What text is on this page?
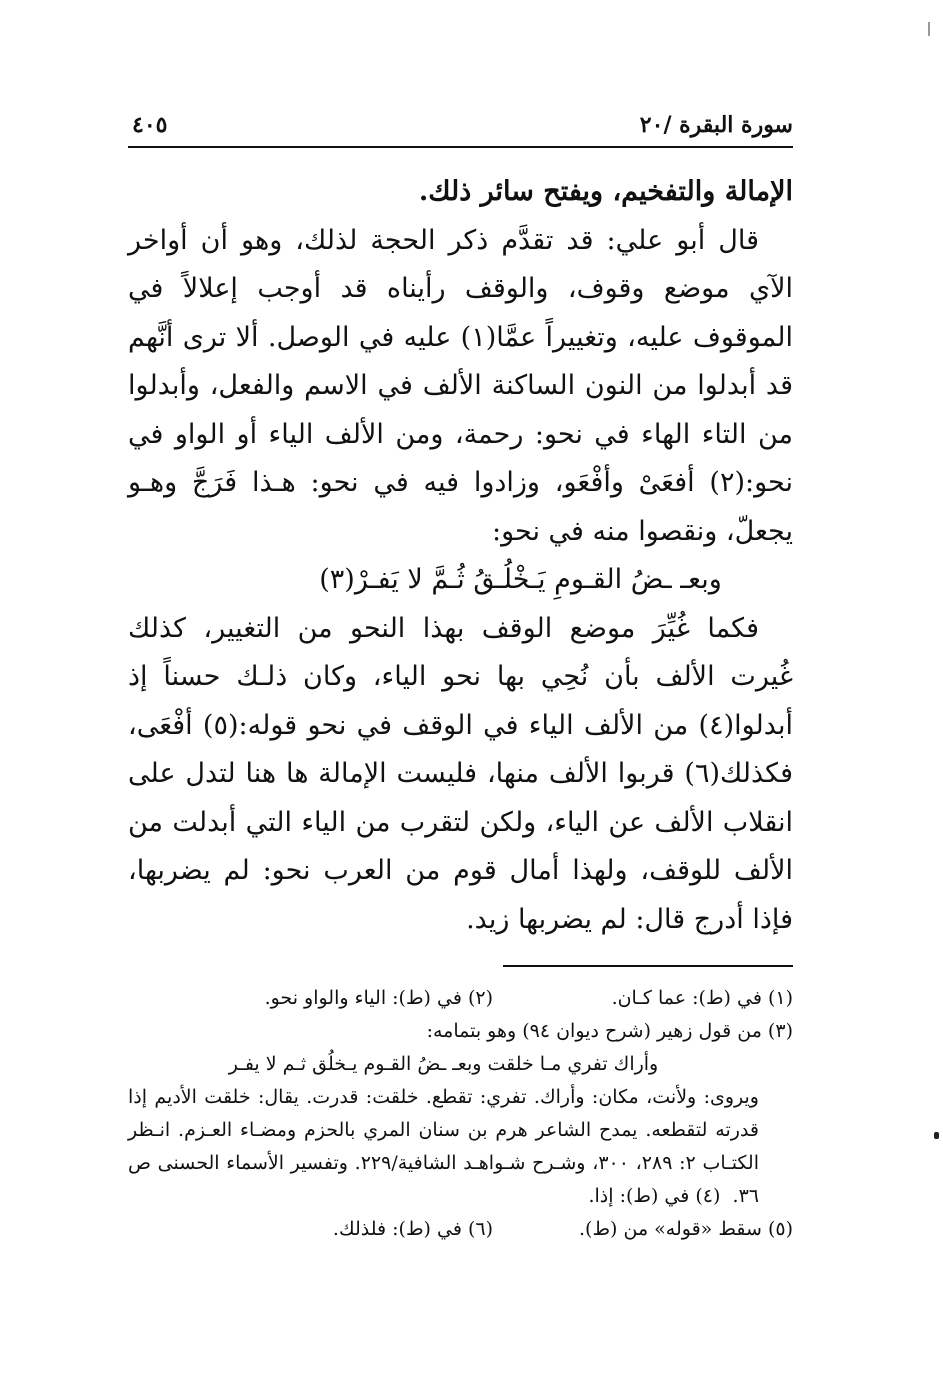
سورة البقرة /٢٠
٤٠٥

الإمالة والتفخيم، ويفتح سائر ذلك.

قال أبو علي: قد تقدَّم ذكر الحجة لذلك، وهو أن أواخر الآي موضع وقوف، والوقف رأيناه قد أوجب إعلالاً في الموقوف عليه، وتغييراً عمَّا(١) عليه في الوصل. ألا ترى أنَّهم قد أبدلوا من النون الساكنة الألف في الاسم والفعل، وأبدلوا من التاء الهاء في نحو: رحمة، ومن الألف الياء أو الواو في نحو:(٢) أفعَىْ وأفْعَو، وزادوا فيه في نحو: هـذا فَرَجَّ وهـو يجعلّ، ونقصوا منه في نحو:

وبعـ ـضُ القـومِ يَـخْلُـقُ ثُـمَّ لا يَفـرْ(٣)

فكما غُيِّرَ موضع الوقف بهذا النحو من التغيير، كذلك غُيرت الألف بأن نُحِي بها نحو الياء، وكان ذلـك حسناً إذ أبدلوا(٤) من الألف الياء في الوقف في نحو قوله:(٥) أفْعَى، فكذلك(٦) قربوا الألف منها، فليست الإمالة ها هنا لتدل على انقلاب الألف عن الياء، ولكن لتقرب من الياء التي أبدلت من الألف للوقف، ولهذا أمال قوم من العرب نحو: لم يضربها، فإذا أدرج قال: لم يضربها زيد.

(١) في (ط): عما كـان.
(٢) في (ط): الياء والواو نحو.
(٣) من قول زهير (شرح ديوان ٩٤) وهو بتمامه:

وأراك تفري مـا خلقت وبعـ ـضُ القـوم يـخلُق ثـم لا يفـر

ويروى: ولأنت، مكان: وأراك. تفري: تقطع. خلقت: قدرت. يقال: خلقت الأديم إذا قدرته لتقطعه. يمدح الشاعر هرم بن سنان المري بالحزم ومضـاء العـزم. انـظر الكتـاب ٢: ٢٨٩، ٣٠٠، وشـرح شـواهـد الشافية/٢٢٩. وتفسير الأسماء الحسنى ص ٣٦.  (٤) في (ط): إذا.

(٥) سقط «قوله» من (ط).
(٦) في (ط): فلذلك.
